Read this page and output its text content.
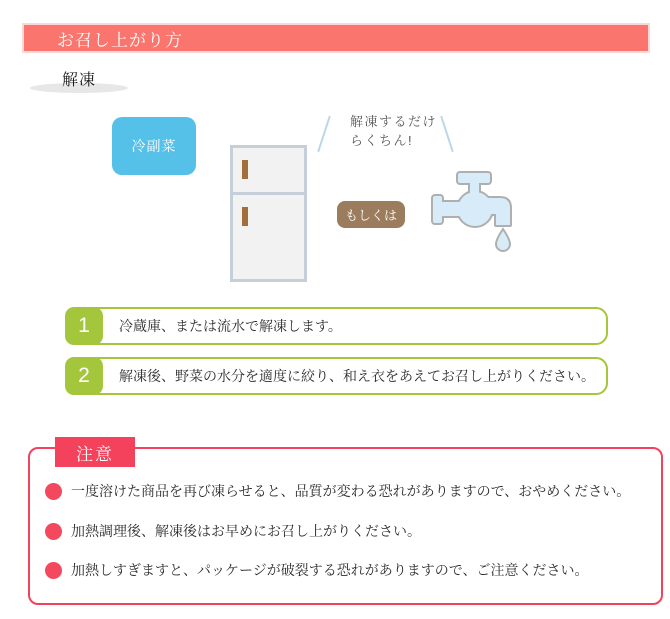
お召し上がり方
解凍
冷副菜
解凍するだけ
らくちん!
もしくは
1	冷蔵庫、または流水で解凍します。
2	解凍後、野菜の水分を適度に絞り、和え衣をあえてお召し上がりください。
一度溶けた商品を再び凍らせると、品質が変わる恐れがありますので、おやめください。
加熱調理後、解凍後はお早めにお召し上がりください。
加熱しすぎますと、パッケージが破裂する恐れがありますので、ご注意ください。
注意
